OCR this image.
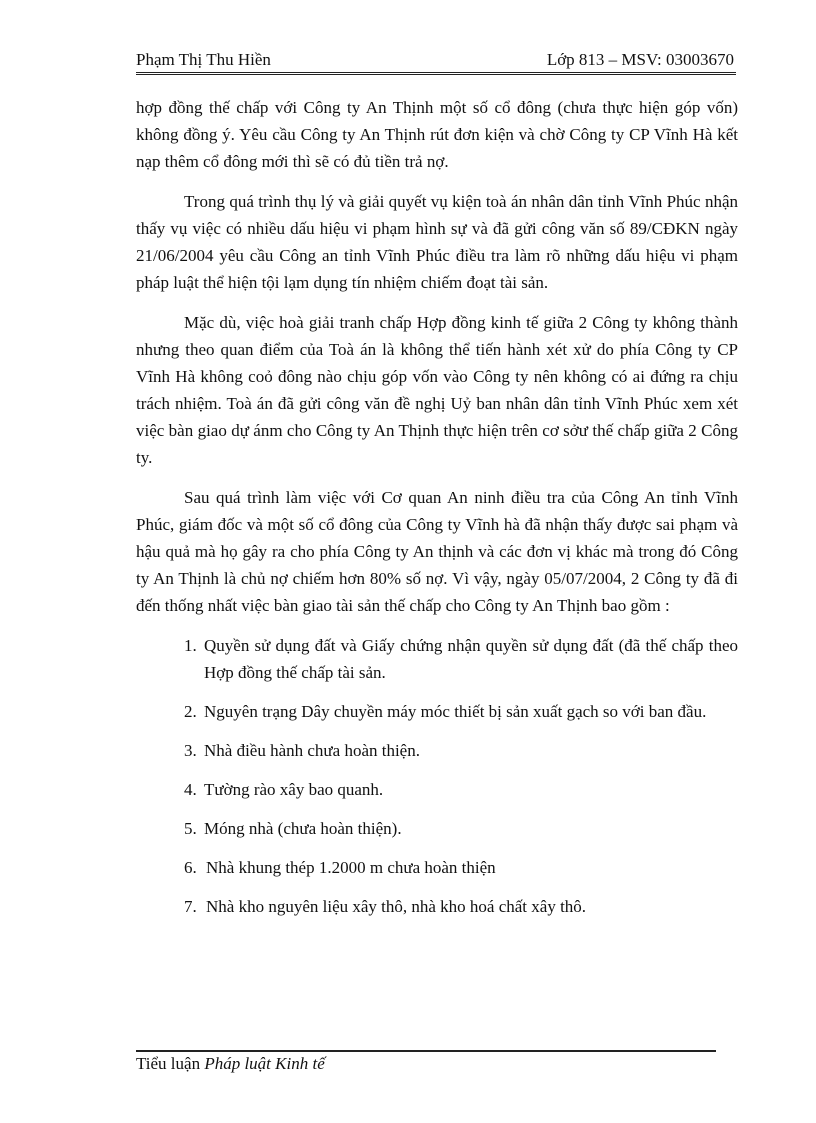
Phạm Thị Thu Hiền	Lớp 813 – MSV: 03003670

hợp đồng thế chấp với Công ty An Thịnh một số cổ đông (chưa thực hiện góp vốn) không đồng ý. Yêu cầu Công ty An Thịnh rút đơn kiện và chờ Công ty CP Vĩnh Hà kết nạp thêm cổ đông mới thì sẽ có đủ tiền trả nợ.

Trong quá trình thụ lý và giải quyết vụ kiện toà án nhân dân tỉnh Vĩnh Phúc nhận thấy vụ việc có nhiều dấu hiệu vi phạm hình sự và đã gửi công văn số 89/CĐKN ngày 21/06/2004 yêu cầu Công an tỉnh Vĩnh Phúc điều tra làm rõ những dấu hiệu vi phạm pháp luật thể hiện tội lạm dụng tín nhiệm chiếm đoạt tài sản.

Mặc dù, việc hoà giải tranh chấp Hợp đồng kinh tế giữa 2 Công ty không thành nhưng theo quan điểm của Toà án là không thể tiến hành xét xử do phía Công ty CP Vĩnh Hà không coỏ đông nào chịu góp vốn vào Công ty nên không có ai đứng ra chịu trách nhiệm. Toà án đã gửi công văn đề nghị Uỷ ban nhân dân tỉnh Vĩnh Phúc xem xét việc bàn giao dự ánm cho Công ty An Thịnh thực hiện trên cơ sởư thế chấp giữa 2 Công ty.

Sau quá trình làm việc với Cơ quan An ninh điều tra của Công An tỉnh Vĩnh Phúc, giám đốc và một số cổ đông của Công ty Vĩnh hà đã nhận thấy được sai phạm và hậu quả mà họ gây ra cho phía Công ty An thịnh và các đơn vị khác mà trong đó Công ty An Thịnh là chủ nợ chiếm hơn 80% số nợ. Vì vậy, ngày 05/07/2004, 2 Công ty đã đi đến thống nhất việc bàn giao tài sản thế chấp cho Công ty An Thịnh bao gồm :

1. Quyền sử dụng đất và Giấy chứng nhận quyền sử dụng đất (đã thế chấp theo Hợp đồng thế chấp tài sản.
2. Nguyên trạng Dây chuyền máy móc thiết bị sản xuất gạch so với ban đầu.
3. Nhà điều hành chưa hoàn thiện.
4. Tường rào xây bao quanh.
5. Móng nhà (chưa hoàn thiện).
6. Nhà khung thép 1.2000 m chưa hoàn thiện
7. Nhà kho nguyên liệu xây thô, nhà kho hoá chất xây thô.
Tiểu luận Pháp luật Kinh tế
